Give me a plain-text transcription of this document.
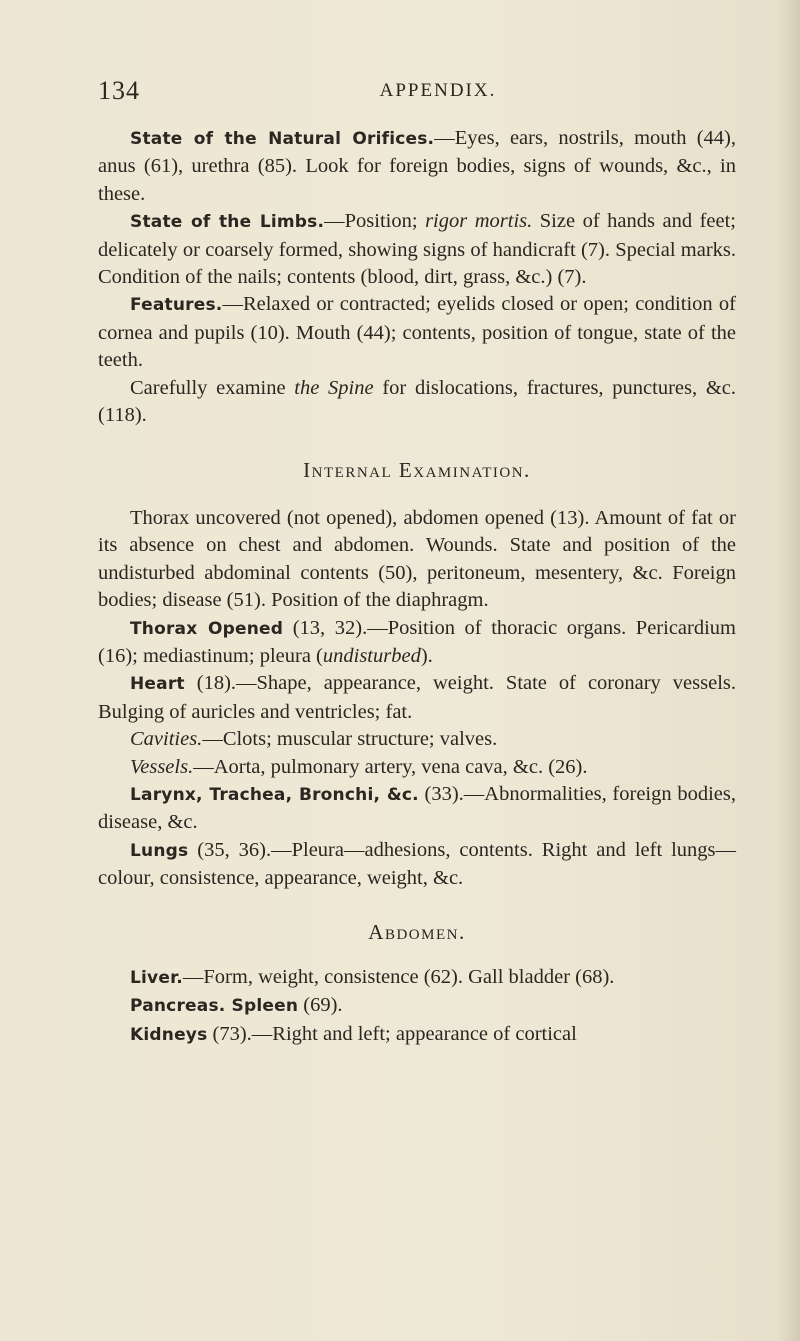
134	APPENDIX.

State of the Natural Orifices.—Eyes, ears, nostrils, mouth (44), anus (61), urethra (85). Look for foreign bodies, signs of wounds, &c., in these.

State of the Limbs.—Position; rigor mortis. Size of hands and feet; delicately or coarsely formed, showing signs of handicraft (7). Special marks. Condition of the nails; contents (blood, dirt, grass, &c.) (7).

Features.—Relaxed or contracted; eyelids closed or open; condition of cornea and pupils (10). Mouth (44); contents, position of tongue, state of the teeth.

Carefully examine the Spine for dislocations, fractures, punctures, &c. (118).

Internal Examination.

Thorax uncovered (not opened), abdomen opened (13). Amount of fat or its absence on chest and abdomen. Wounds. State and position of the undisturbed abdominal contents (50), peritoneum, mesentery, &c. Foreign bodies; disease (51). Position of the diaphragm.

Thorax Opened (13, 32).—Position of thoracic organs. Pericardium (16); mediastinum; pleura (undisturbed).

Heart (18).—Shape, appearance, weight. State of coronary vessels. Bulging of auricles and ventricles; fat.

Cavities.—Clots; muscular structure; valves.

Vessels.—Aorta, pulmonary artery, vena cava, &c. (26).

Larynx, Trachea, Bronchi, &c. (33).—Abnormalities, foreign bodies, disease, &c.

Lungs (35, 36).—Pleura—adhesions, contents. Right and left lungs—colour, consistence, appearance, weight, &c.

Abdomen.

Liver.—Form, weight, consistence (62). Gall bladder (68).

Pancreas. Spleen (69).

Kidneys (73).—Right and left; appearance of cortical
